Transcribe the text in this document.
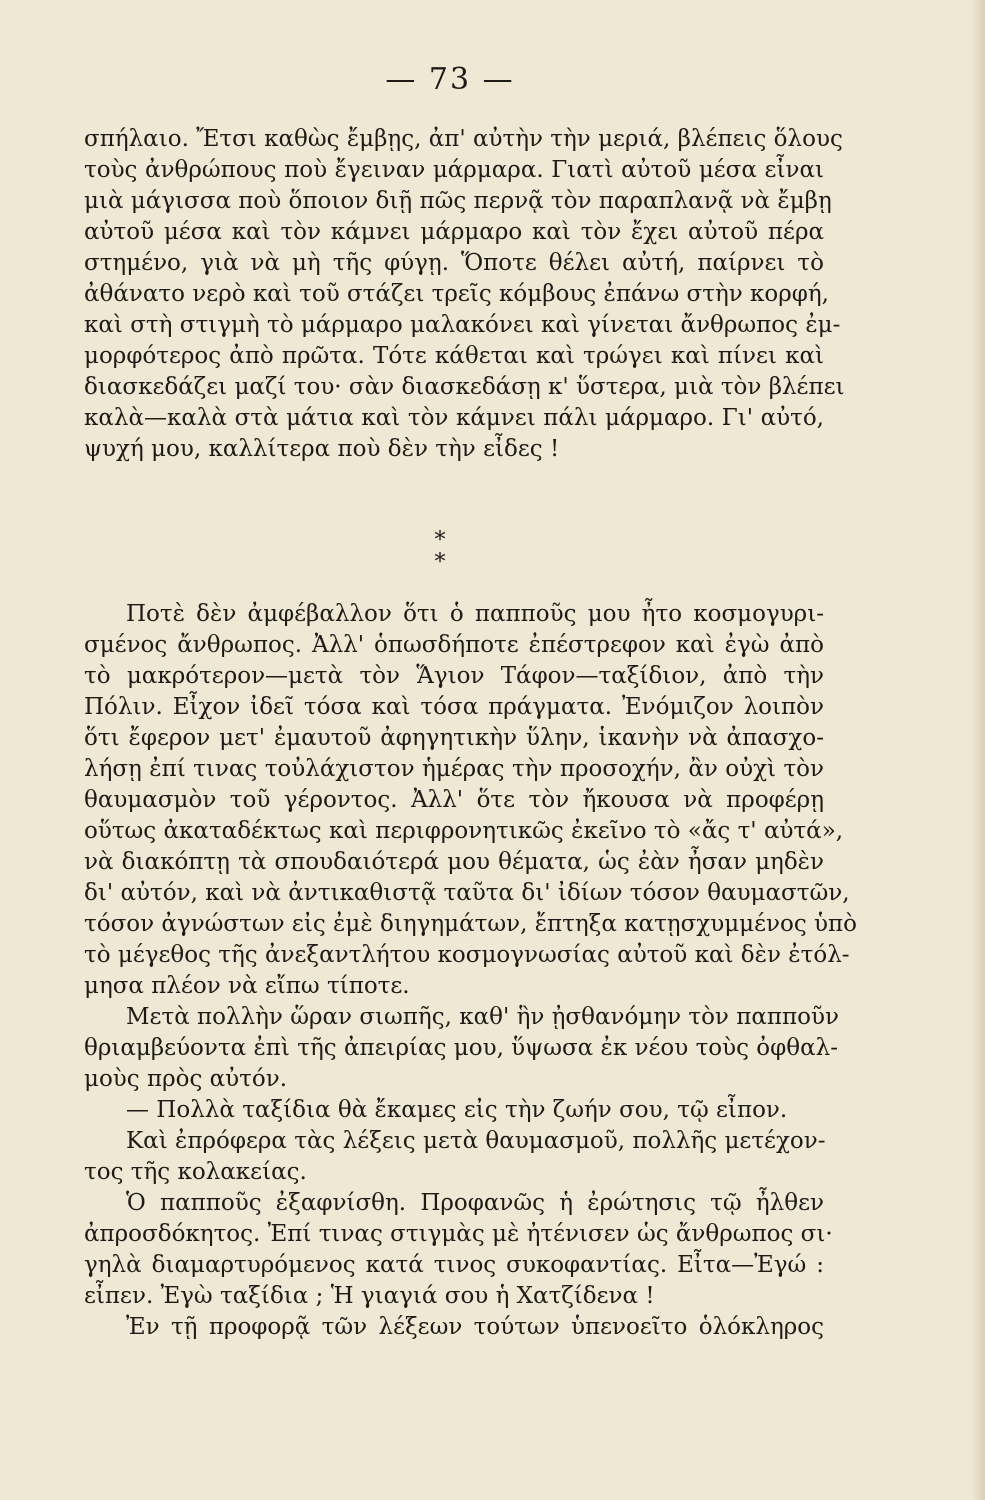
— 73 —
σπήλαιο. Ἔτσι καθὼς ἔμβῃς, ἀπ' αὐτὴν τὴν μεριά, βλέπεις ὅλους
τοὺς ἀνθρώπους ποὺ ἔγειναν μάρμαρα. Γιατὶ αὐτοῦ μέσα εἶναι
μιὰ μάγισσα ποὺ ὅποιον διῇ πῶς περνᾷ τὸν παραπλανᾷ νὰ ἔμβῃ
αὐτοῦ μέσα καὶ τὸν κάμνει μάρμαρο καὶ τὸν ἔχει αὐτοῦ πέρα
στημένο, γιὰ νὰ μὴ τῆς φύγῃ. Ὅποτε θέλει αὐτή, παίρνει τὸ
ἀθάνατο νερὸ καὶ τοῦ στάζει τρεῖς κόμβους ἐπάνω στὴν κορφή,
καὶ στὴ στιγμὴ τὸ μάρμαρο μαλακόνει καὶ γίνεται ἄνθρωπος ἐμ-
μορφότερος ἀπὸ πρῶτα. Τότε κάθεται καὶ τρώγει καὶ πίνει καὶ
διασκεδάζει μαζί του· σὰν διασκεδάσῃ κ' ὕστερα, μιὰ τὸν βλέπει
καλὰ—καλὰ στὰ μάτια καὶ τὸν κάμνει πάλι μάρμαρο. Γι' αὐτό,
ψυχή μου, καλλίτερα ποὺ δὲν τὴν εἶδες !
*
*
Ποτὲ δὲν ἀμφέβαλλον ὅτι ὁ παπποῦς μου ἦτο κοσμογυρι-
σμένος ἄνθρωπος. Ἀλλ' ὁπωσδήποτε ἐπέστρεφον καὶ ἐγὼ ἀπὸ
τὸ μακρότερον—μετὰ τὸν Ἅγιον Τάφον—ταξίδιον, ἀπὸ τὴν
Πόλιν. Εἶχον ἰδεῖ τόσα καὶ τόσα πράγματα. Ἐνόμιζον λοιπὸν
ὅτι ἔφερον μετ' ἐμαυτοῦ ἀφηγητικὴν ὕλην, ἱκανὴν νὰ ἀπασχο-
λήσῃ ἐπί τινας τοὐλάχιστον ἡμέρας τὴν προσοχήν, ἂν οὐχὶ τὸν
θαυμασμὸν τοῦ γέροντος. Ἀλλ' ὅτε τὸν ἤκουσα νὰ προφέρῃ
οὕτως ἀκαταδέκτως καὶ περιφρονητικῶς ἐκεῖνο τὸ «ἄς τ' αὐτά»,
νὰ διακόπτῃ τὰ σπουδαιότερά μου θέματα, ὡς ἐὰν ἦσαν μηδὲν
δι' αὐτόν, καὶ νὰ ἀντικαθιστᾷ ταῦτα δι' ἰδίων τόσον θαυμαστῶν,
τόσον ἀγνώστων εἰς ἐμὲ διηγημάτων, ἔπτηξα κατῃσχυμμένος ὑπὸ
τὸ μέγεθος τῆς ἀνεξαντλήτου κοσμογνωσίας αὐτοῦ καὶ δὲν ἐτόλ-
μησα πλέον νὰ εἴπω τίποτε.
Μετὰ πολλὴν ὥραν σιωπῆς, καθ' ἣν ᾐσθανόμην τὸν παπποῦν
θριαμβεύοντα ἐπὶ τῆς ἀπειρίας μου, ὕψωσα ἐκ νέου τοὺς ὀφθαλ-
μοὺς πρὸς αὐτόν.
— Πολλὰ ταξίδια θὰ ἔκαμες εἰς τὴν ζωήν σου, τῷ εἶπον.
Καὶ ἐπρόφερα τὰς λέξεις μετὰ θαυμασμοῦ, πολλῆς μετέχον-
τος τῆς κολακείας.
Ὁ παπποῦς ἐξαφνίσθη. Προφανῶς ἡ ἐρώτησις τῷ ἦλθεν
ἀπροσδόκητος. Ἐπί τινας στιγμὰς μὲ ἠτένισεν ὡς ἄνθρωπος σι·
γηλὰ διαμαρτυρόμενος κατά τινος συκοφαντίας. Εἶτα—Ἐγώ :
εἶπεν. Ἐγὼ ταξίδια ; Ἡ γιαγιά σου ἡ Χατζίδενα !
Ἐν τῇ προφορᾷ τῶν λέξεων τούτων ὑπενοεῖτο ὁλόκληρος
